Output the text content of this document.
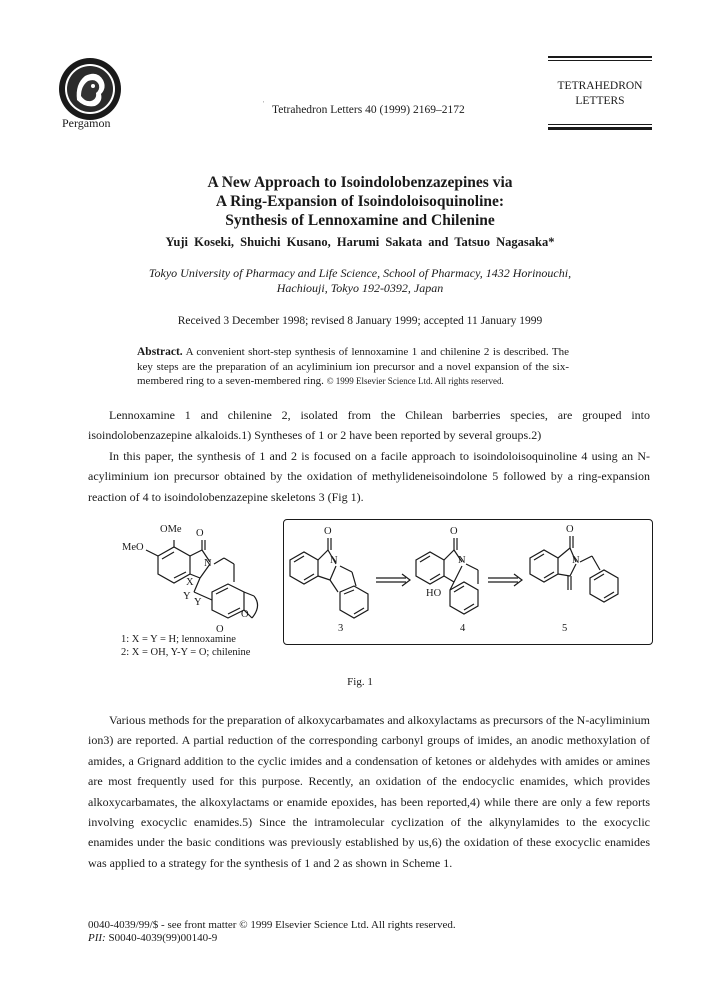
Pergamon
ˈ Tetrahedron Letters 40 (1999) 2169–2172
TETRAHEDRON
LETTERS
A New Approach to Isoindolobenzazepines via
A Ring-Expansion of Isoindoloisoquinoline:
Synthesis of Lennoxamine and Chilenine
Yuji Koseki, Shuichi Kusano, Harumi Sakata and Tatsuo Nagasaka*
Tokyo University of Pharmacy and Life Science, School of Pharmacy, 1432 Horinouchi,
Hachiouji, Tokyo 192-0392, Japan
Received 3 December 1998; revised 8 January 1999; accepted 11 January 1999
Abstract. A convenient short-step synthesis of lennoxamine 1 and chilenine 2 is described. The key steps are the preparation of an acyliminium ion precursor and a novel expansion of the six-membered ring to a seven-membered ring. © 1999 Elsevier Science Ltd. All rights reserved.
Lennoxamine 1 and chilenine 2, isolated from the Chilean barberries species, are grouped into isoindolobenzazepine alkaloids.1) Syntheses of 1 or 2 have been reported by several groups.2)
In this paper, the synthesis of 1 and 2 is focused on a facile approach to isoindoloisoquinoline 4 using an N-acyliminium ion precursor obtained by the oxidation of methylideneisoindolone 5 followed by a ring-expansion reaction of 4 to isoindolobenzazepine skeletons 3 (Fig 1).
OMe O
MeO
N
X
Y
Y
O
O
1: X = Y = H; lennoxamine
2: X = OH, Y-Y = O; chilenine
O
N
3
O
N
HO
4
O
N
5
Fig. 1
Various methods for the preparation of alkoxycarbamates and alkoxylactams as precursors of the N-acyliminium ion3) are reported. A partial reduction of the corresponding carbonyl groups of imides, an anodic methoxylation of amides, a Grignard addition to the cyclic imides and a condensation of ketones or aldehydes with amides or amines are most frequently used for this purpose. Recently, an oxidation of the endocyclic enamides, which provides alkoxycarbamates, the alkoxylactams or enamide epoxides, has been reported,4) while there are only a few reports involving exocyclic enamides.5) Since the intramolecular cyclization of the alkynylamides to the exocyclic enamides under the basic conditions was previously established by us,6) the oxidation of these exocyclic enamides was applied to a strategy for the synthesis of 1 and 2 as shown in Scheme 1.
0040-4039/99/$ - see front matter © 1999 Elsevier Science Ltd. All rights reserved.
PII: S0040-4039(99)00140-9
